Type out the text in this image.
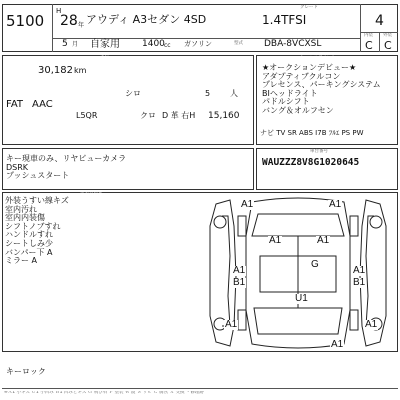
5100
H
28 年 アウディ A3セダン 4SD
グレード
1.4TFSI
5 月 自家用 1400 cc ガソリン	型式 DBA-8VCXSL
4
内装 外装
C C
走行
30,182 km
色
シロ	5 人
FAT AAC
L5QR	クロ D 革 右H 15,160
検査
セールスポイント
★オークションデビュー★
アダプティブクルコン
プレセンス、パーキングシステム
BIヘッドライト
パドルシフト
バング＆オルフセン
ナビ TV SR ABS I7B ﾌﾙｴ PS PW
キー現車のみ、リヤビューカメラ
DSRK
プッシュスタート
車台番号
WAUZZZ8V8G1020645
検査員報告
外装うすい線キズ
室内汚れ
室内内装傷
シフトノブすれ
ハンドルすれ
シートしみ少
バンパー下 A
ミラー A
A1	A1
A1	A1
G
A1
B1
U1
A1
B1
A1	A1
A1
備考
キーロック
※Ａ1 小キズ Ｕ1 小凹み Ｂ1 凹みとキズ Ｇ 飛び石 Ｐ 塗装 Ｗ 波 Ｓ サビ Ｃ 腐食 Ｘ 交換 ・修理跡
